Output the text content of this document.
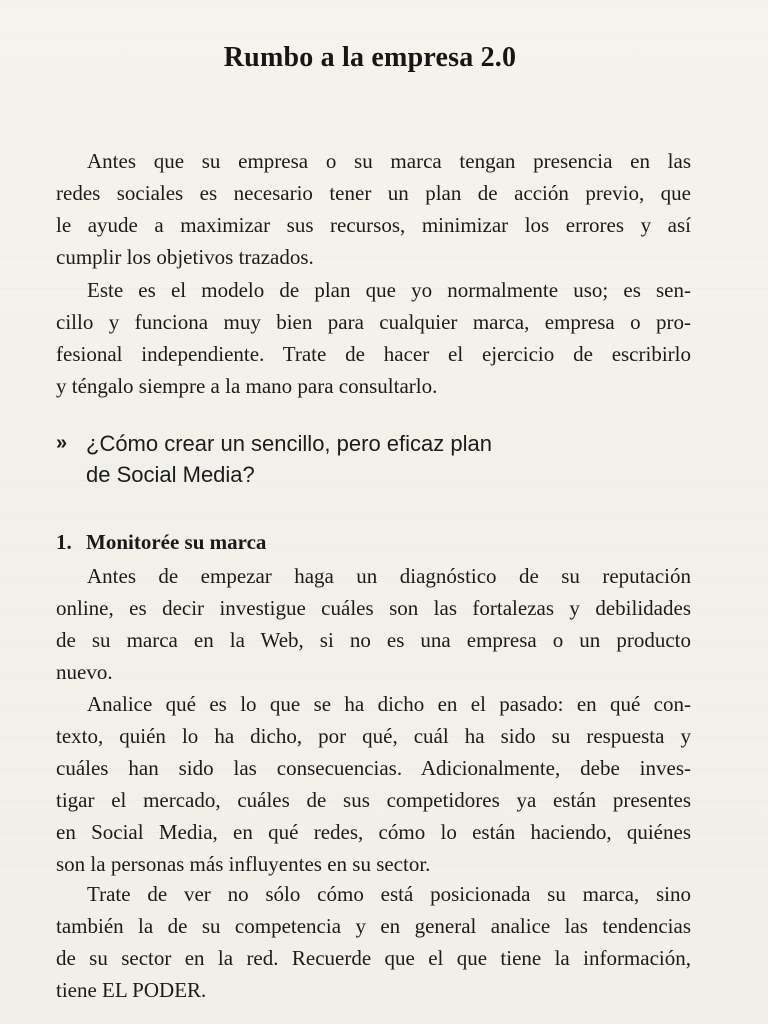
Rumbo a la empresa 2.0
Antes que su empresa o su marca tengan presencia en las
redes sociales es necesario tener un plan de acción previo, que
le ayude a maximizar sus recursos, minimizar los errores y así
cumplir los objetivos trazados.
Este es el modelo de plan que yo normalmente uso; es sen-
cillo y funciona muy bien para cualquier marca, empresa o pro-
fesional independiente. Trate de hacer el ejercicio de escribirlo
y téngalo siempre a la mano para consultarlo.
» ¿Cómo crear un sencillo, pero eficaz plan
de Social Media?
1. Monitorée su marca
Antes de empezar haga un diagnóstico de su reputación
online, es decir investigue cuáles son las fortalezas y debilidades
de su marca en la Web, si no es una empresa o un producto
nuevo.
Analice qué es lo que se ha dicho en el pasado: en qué con-
texto, quién lo ha dicho, por qué, cuál ha sido su respuesta y
cuáles han sido las consecuencias. Adicionalmente, debe inves-
tigar el mercado, cuáles de sus competidores ya están presentes
en Social Media, en qué redes, cómo lo están haciendo, quiénes
son la personas más influyentes en su sector.
Trate de ver no sólo cómo está posicionada su marca, sino
también la de su competencia y en general analice las tendencias
de su sector en la red. Recuerde que el que tiene la información,
tiene EL PODER.
